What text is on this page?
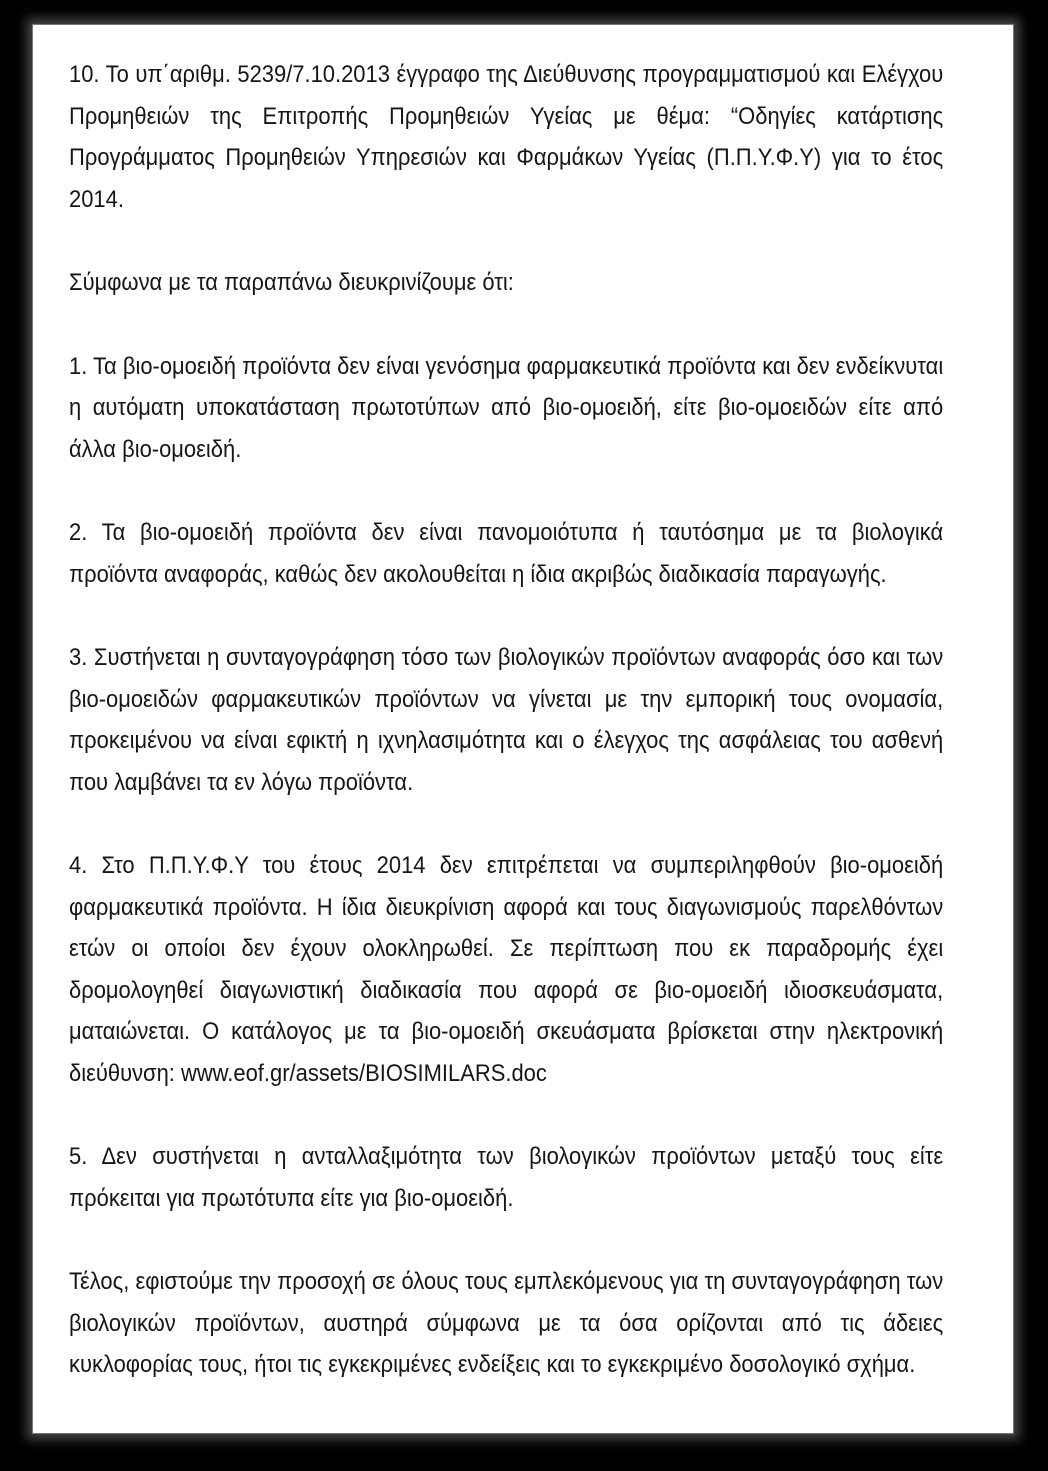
10. Το υπ΄αριθμ. 5239/7.10.2013 έγγραφο της Διεύθυνσης προγραμματισμού και Ελέγχου Προμηθειών της Επιτροπής Προμηθειών Υγείας με θέμα: “Οδηγίες κατάρτισης Προγράμματος Προμηθειών Υπηρεσιών και Φαρμάκων Υγείας (Π.Π.Υ.Φ.Υ) για το έτος 2014.

Σύμφωνα με τα παραπάνω διευκρινίζουμε ότι:

1. Τα βιο-ομοειδή προϊόντα δεν είναι γενόσημα φαρμακευτικά προϊόντα και δεν ενδείκνυται η αυτόματη υποκατάσταση πρωτοτύπων από βιο-ομοειδή, είτε βιο-ομοειδών είτε από άλλα βιο-ομοειδή.

2. Τα βιο-ομοειδή προϊόντα δεν είναι πανομοιότυπα ή ταυτόσημα με τα βιολογικά προϊόντα αναφοράς, καθώς δεν ακολουθείται η ίδια ακριβώς διαδικασία παραγωγής.

3. Συστήνεται η συνταγογράφηση τόσο των βιολογικών προϊόντων αναφοράς όσο και των βιο-ομοειδών φαρμακευτικών προϊόντων να γίνεται με την εμπορική τους ονομασία, προκειμένου να είναι εφικτή η ιχνηλασιμότητα και ο έλεγχος της ασφάλειας του ασθενή που λαμβάνει τα εν λόγω προϊόντα.

4. Στο Π.Π.Υ.Φ.Υ του έτους 2014 δεν επιτρέπεται να συμπεριληφθούν βιο-ομοειδή φαρμακευτικά προϊόντα. Η ίδια διευκρίνιση αφορά και τους διαγωνισμούς παρελθόντων ετών οι οποίοι δεν έχουν ολοκληρωθεί. Σε περίπτωση που εκ παραδρομής έχει δρομολογηθεί διαγωνιστική διαδικασία που αφορά σε βιο-ομοειδή ιδιοσκευάσματα, ματαιώνεται. Ο κατάλογος με τα βιο-ομοειδή σκευάσματα βρίσκεται στην ηλεκτρονική διεύθυνση: www.eof.gr/assets/BIOSIMILARS.doc

5. Δεν συστήνεται η ανταλλαξιμότητα των βιολογικών προϊόντων μεταξύ τους είτε πρόκειται για πρωτότυπα είτε για βιο-ομοειδή.

Τέλος, εφιστούμε την προσοχή σε όλους τους εμπλεκόμενους για τη συνταγογράφηση των βιολογικών προϊόντων, αυστηρά σύμφωνα με τα όσα ορίζονται από τις άδειες κυκλοφορίας τους, ήτοι τις εγκεκριμένες ενδείξεις και το εγκεκριμένο δοσολογικό σχήμα.
